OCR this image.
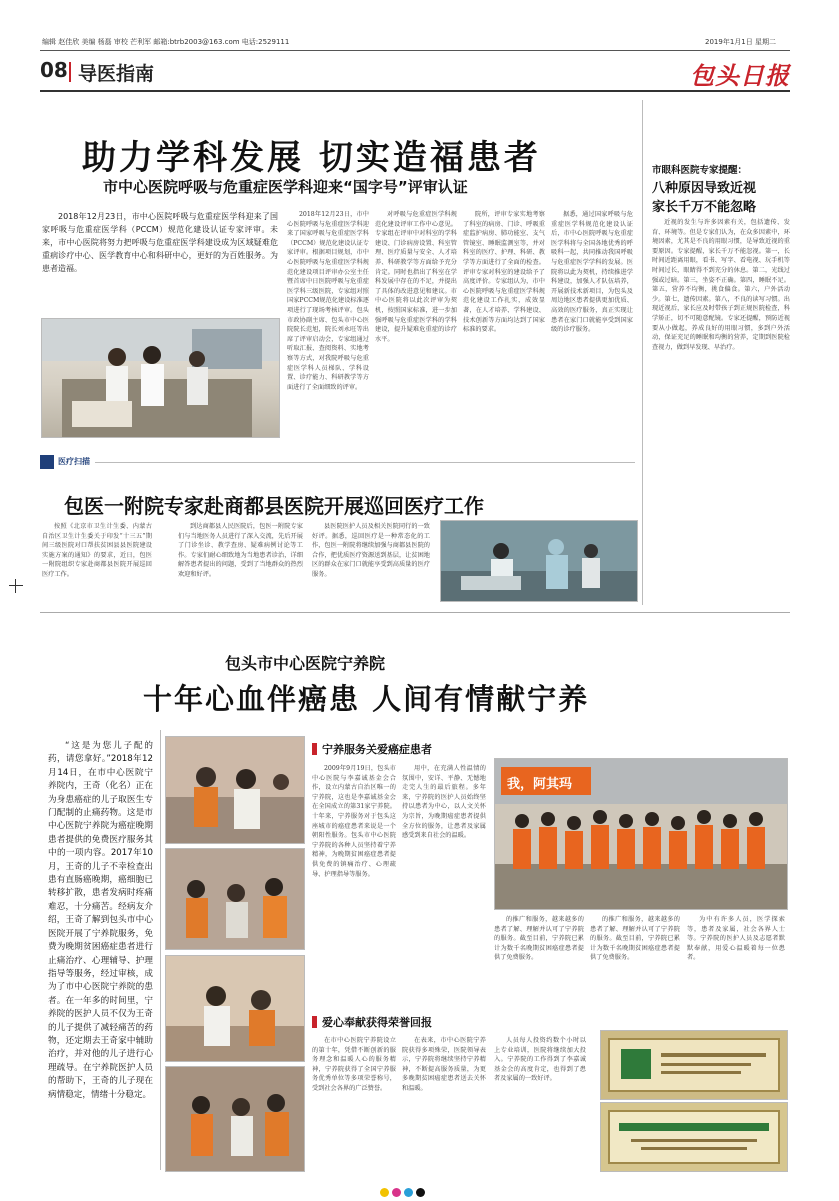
编辑 赵佳欣 美编 杨磊 审校 芒利军 邮箱:btrb2003@163.com 电话:2529111	2019年1月1日 星期二
08 导医指南	包头日报
助力学科发展 切实造福患者
市中心医院呼吸与危重症医学科迎来“国字号”评审认证

2018年12月23日，市中心医院呼吸与危重症医学科迎来了国家呼吸与危重症医学科（PCCM）规范化建设认证专家评审。未来，市中心医院将努力把呼吸与危重症医学科建设成为区域疑难危重病诊疗中心、医学教育中心和科研中心，更好的为百姓服务。为患者造福。

2018年12月23日，市中心医院呼吸与危重症医学科迎来了国家呼吸与危重症医学科（PCCM）规范化建设认证专家评审。根据项目规划，市中心医院呼吸与危重症医学科规范化建设项目评审办公室主任暨首席中日医院呼吸与危重症医学科三级医院，专家组对照国家PCCM规范化建设标准逐项进行了现场考核评审。包头市政协副主席、包头市中心医院院长范旭，院长刘永旺等出席了评审启动会，专家组通过听取汇报、查阅资料、实地考察等方式，对我院呼吸与危重症医学科人员梯队、学科设置、诊疗能力、科研教学等方面进行了全面细致的评审。

对呼吸与危重症医学科规范化建设评审工作中心意见。专家组在评审中对科室的学科建设、门诊病房设置、科室管理、医疗质量与安全、人才培养、科研教学等方面给予充分肯定。同时也指出了科室在学科发展中存在的不足，并提出了具体的改进意见和建议。市中心医院将以此次评审为契机，按照国家标准，进一步加强呼吸与危重症医学科的学科建设，提升疑难危重症的诊疗水平。

院所，评审专家实地考察了科室的病房、门诊、呼吸重症监护病房、肺功能室、支气管镜室、睡眠监测室等，并对科室的医疗、护理、科研、教学等方面进行了全面的检查。评审专家对科室的建设给予了高度评价。专家组认为，市中心医院呼吸与危重症医学科规范化建设工作扎实，成效显著，在人才培养、学科建设、技术创新等方面均达到了国家标准的要求。

据悉，通过国家呼吸与危重症医学科规范化建设认证后，市中心医院呼吸与危重症医学科将与全国各地优秀的呼吸科一起，共同推动我国呼吸与危重症医学学科的发展。医院将以此为契机，持续推进学科建设，加强人才队伍培养，开展新技术新项目，为包头及周边地区患者提供更加优质、高效的医疗服务，真正实现让患者在家门口就能享受到国家级的诊疗服务。

医疗扫描
包医一附院专家赴商都县医院开展巡回医疗工作

按照《北京市卫生计生委、内蒙古自治区卫生计生委关于印发“十三五”期间三级医院对口帮扶贫困县县医院建设实施方案的通知》的要求，近日，包医一附院组织专家赴商都县医院开展巡回医疗工作。

到达商都县人民医院后，包医一附院专家们与当地医务人员进行了深入交流，先后开展了门诊坐诊、教学查房、疑难病例讨论等工作。专家们耐心细致地为当地患者诊治，详细解答患者提出的问题，受到了当地群众的热烈欢迎和好评。

县医院医护人员及相关医院同行的一致好评。据悉，巡回医疗是一种常态化的工作，包医一附院将继续加强与商都县医院的合作，把优质医疗资源送到基层，让贫困地区的群众在家门口就能享受到高质量的医疗服务。

市眼科医院专家提醒：
八种原因导致近视
家长千万不能忽略

近视的发生与许多因素有关，包括遗传、发育、环境等。但是专家们认为，在众多因素中，环境因素，尤其是不良的用眼习惯，是导致近视的重要原因。专家提醒，家长千万不能忽视。第一，长时间近距离用眼，看书、写字、看电视、玩手机等时间过长，眼睛得不到充分的休息。第二，光线过强或过暗。第三，坐姿不正确。第四，睡眠不足。第五，营养不均衡，挑食偏食。第六，户外活动少。第七，遗传因素。第八，不良的读写习惯。出现近视后，家长应及时带孩子到正规医院检查，科学矫正，切不可随意配镜。专家还提醒，预防近视要从小做起，养成良好的用眼习惯，多到户外活动，保证充足的睡眠和均衡的营养，定期到医院检查视力，做到早发现、早治疗。

包头市中心医院宁养院
十年心血伴癌患 人间有情献宁养

“这是为您儿子配的药，请您拿好。”2018年12月14日，在市中心医院宁养院内，王奇（化名）正在为身患癌症的儿子取医生专门配制的止痛药物。这是市中心医院宁养院为癌症晚期患者提供的免费医疗服务其中的一项内容。2017年10月，王奇的儿子不幸检查出患有直肠癌晚期，癌细胞已转移扩散，患者发病时疼痛难忍，十分痛苦。经病友介绍，王奇了解到包头市中心医院开展了宁养院服务，免费为晚期贫困癌症患者进行止痛治疗、心理辅导、护理指导等服务，经过审核，成为了市中心医院宁养院的患者。在一年多的时间里，宁养院的医护人员不仅为王奇的儿子提供了减轻痛苦的药物，还定期去王奇家中辅助治疗，并对他的儿子进行心理疏导。在宁养院医护人员的帮助下，王奇的儿子现在病情稳定，情绪十分稳定。

宁养服务关爱癌症患者

2009年9月19日，包头市中心医院与李嘉诚基金会合作，设立内蒙古自治区唯一的宁养院，这也是李嘉诚基金会在全国成立的第31家宁养院。十年来，宁养服务对于包头这座城市的癌症患者来说是一个朝阳性服务。包头市中心医院宁养院的各种人员坚持着宁养精神，为晚期贫困癌症患者提供免费的镇痛治疗、心理疏导、护理指导等服务。

用中，在充满人性温情的氛围中，安详、平静、无憾地走完人生的最后旅程。多年来，宁养院的医护人员始终坚持以患者为中心，以人文关怀为宗旨，为晚期癌症患者提供全方位的服务，让患者及家属感受到来自社会的温暖。

我，阿其玛

的推广和服务，越来越多的患者了解、理解并认可了宁养院的服务。截至目前，宁养院已累计为数千名晚期贫困癌症患者提供了免费服务。

的推广和服务，越来越多的患者了解、理解并认可了宁养院的服务。截至目前，宁养院已累计为数千名晚期贫困癌症患者提供了免费服务。

为中有许多人员，医学探索等，患者及家属，社会各界人士等。宁养院的医护人员及志愿者默默奉献，用爱心温暖着每一位患者。

爱心奉献获得荣誉回报

在市中心医院宁养院设立的第十年，凭借不断创新的服务理念和温暖人心的服务精神，宁养院获得了全国宁养服务优秀单位等多项荣誉称号，受到社会各界的广泛赞誉。

在表来，市中心医院宁养院获得多项殊荣，医院领导表示，宁养院将继续坚持宁养精神，不断提高服务质量，为更多晚期贫困癌症患者送去关怀和温暖。

人员每人投资约数个小时以上专业培训，医院将继续加大投入。宁养院的工作得到了李嘉诚基金会的高度肯定，也得到了患者及家属的一致好评。
